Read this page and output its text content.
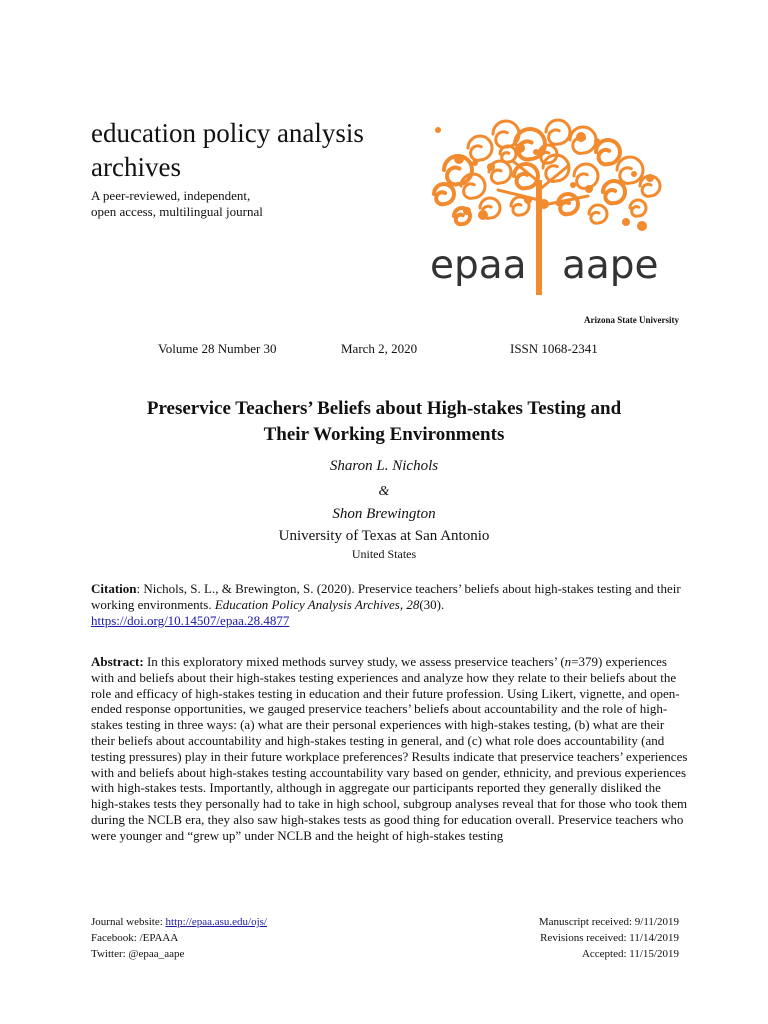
education policy analysis
archives
A peer-reviewed, independent,
open access, multilingual journal
epaa aape
Arizona State University
Volume 28 Number 30	March 2, 2020	ISSN 1068-2341
Preservice Teachers’ Beliefs about High-stakes Testing and
Their Working Environments
Sharon L. Nichols
&
Shon Brewington
University of Texas at San Antonio
United States
Citation: Nichols, S. L., & Brewington, S. (2020). Preservice teachers’ beliefs about high-stakes testing and their working environments. Education Policy Analysis Archives, 28(30).
https://doi.org/10.14507/epaa.28.4877
Abstract: In this exploratory mixed methods survey study, we assess preservice teachers’ (n=379) experiences with and beliefs about their high-stakes testing experiences and analyze how they relate to their beliefs about the role and efficacy of high-stakes testing in education and their future profession. Using Likert, vignette, and open-ended response opportunities, we gauged preservice teachers’ beliefs about accountability and the role of high-stakes testing in three ways: (a) what are their personal experiences with high-stakes testing, (b) what are their their beliefs about accountability and high-stakes testing in general, and (c) what role does accountability (and testing pressures) play in their future workplace preferences? Results indicate that preservice teachers’ experiences with and beliefs about high-stakes testing accountability vary based on gender, ethnicity, and previous experiences with high-stakes tests. Importantly, although in aggregate our participants reported they generally disliked the high-stakes tests they personally had to take in high school, subgroup analyses reveal that for those who took them during the NCLB era, they also saw high-stakes tests as good thing for education overall. Preservice teachers who were younger and “grew up” under NCLB and the height of high-stakes testing
Journal website: http://epaa.asu.edu/ojs/
Facebook: /EPAAA
Twitter: @epaa_aape
Manuscript received: 9/11/2019
Revisions received: 11/14/2019
Accepted: 11/15/2019
